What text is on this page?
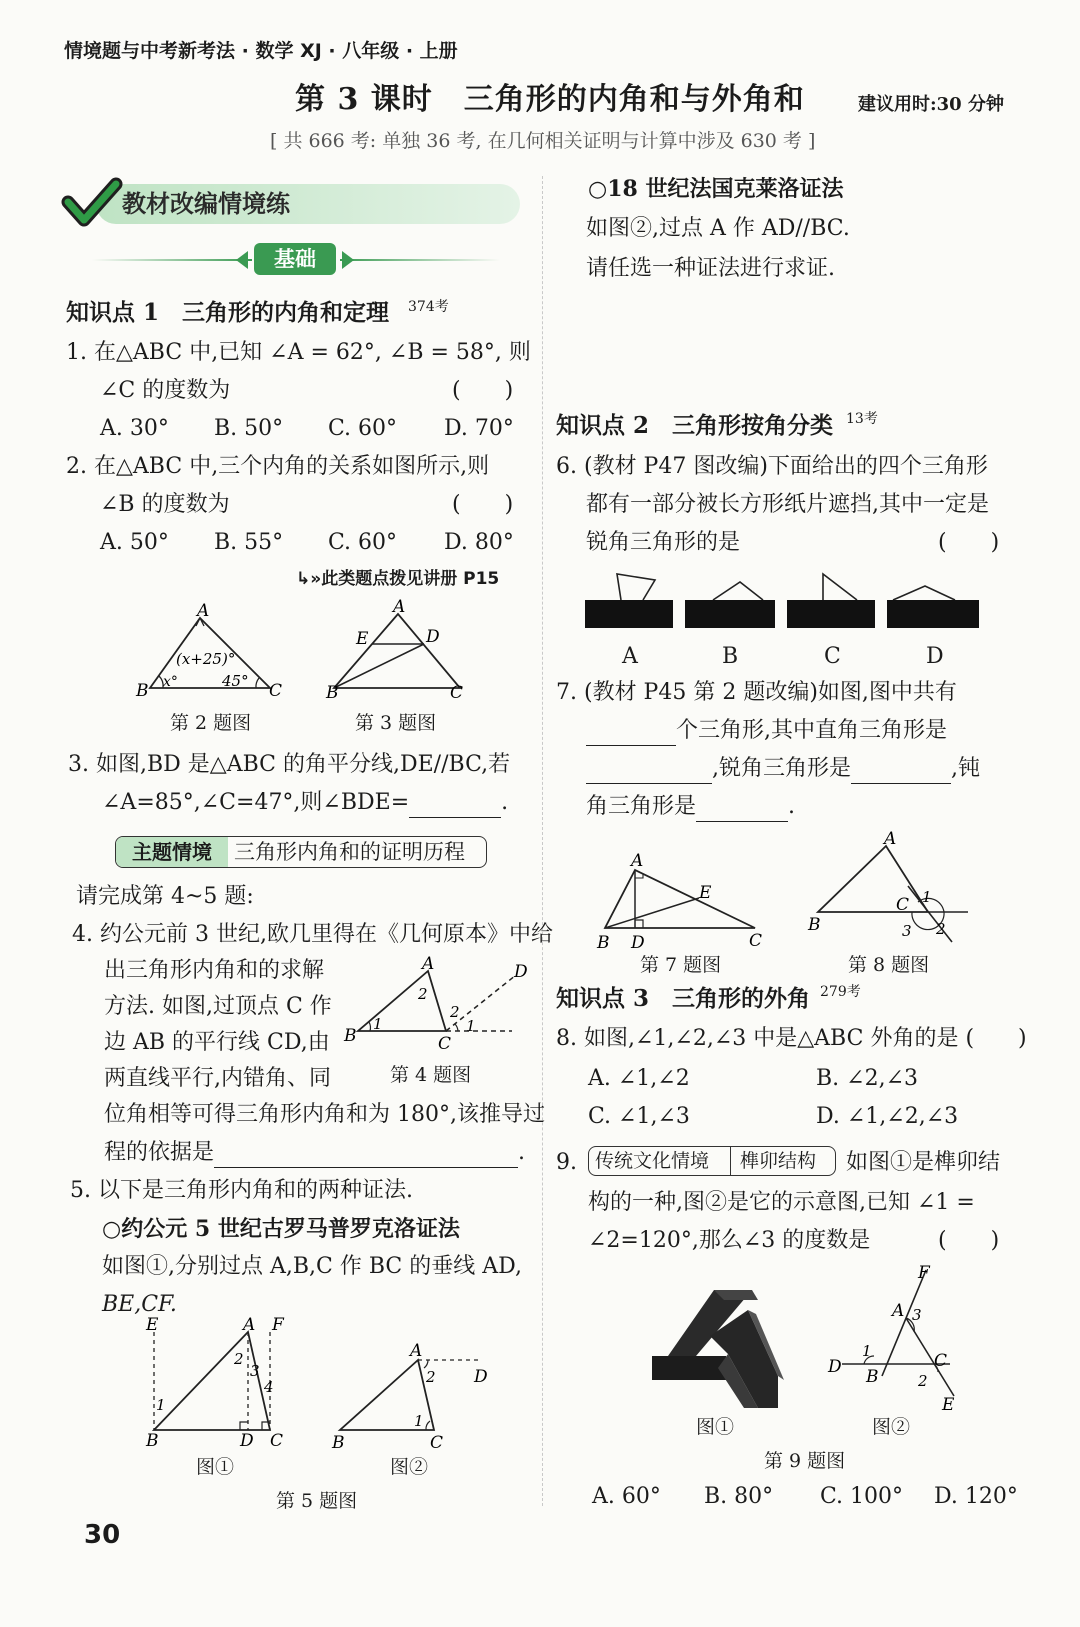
情境题与中考新考法 · 数学 XJ · 八年级 · 上册
第 3 课时　三角形的内角和与外角和	建议用时:30 分钟
[ 共 666 考: 单独 36 考, 在几何相关证明与计算中涉及 630 考 ]
教材改编情境练
基础
知识点 1　三角形的内角和定理 374考
1. 在△ABC 中,已知 ∠A = 62°, ∠B = 58°, 则
∠C 的度数为	(　　)
A. 30° B. 50° C. 60° D. 70°
2. 在△ABC 中,三个内角的关系如图所示,则
∠B 的度数为	(　　)
A. 50° B. 55° C. 60° D. 80°
↳»此类题点拨见讲册 P15
A
B	C
(x+25)°
x°	45°
第 2 题图
A
E	D
B	C
第 3 题图
3. 如图,BD 是△ABC 的角平分线,DE//BC,若
∠A=85°,∠C=47°,则∠BDE=	.
主题情境	三角形内角和的证明历程
请完成第 4~5 题:
4. 约公元前 3 世纪,欧几里得在《几何原本》中给
出三角形内角和的求解
方法. 如图,过顶点 C 作
边 AB 的平行线 CD,由
两直线平行,内错角、同
位角相等可得三角形内角和为 180°,该推导过
程的依据是	.
A	D
B	C
1
2
2
1
第 4 题图
5. 以下是三角形内角和的两种证法.
○约公元 5 世纪古罗马普罗克洛证法
如图①,分别过点 A,B,C 作 BC 的垂线 AD,
BE,CF.
E	A F
B	D C
1
2
3
4
图①
A
D
B	C
2
1
图②
第 5 题图
30
○18 世纪法国克莱洛证法
如图②,过点 A 作 AD//BC.
请任选一种证法进行求证.
知识点 2　三角形按角分类 13考
6. (教材 P47 图改编)下面给出的四个三角形
都有一部分被长方形纸片遮挡,其中一定是
锐角三角形的是	(　　)
A	B	C	D
7. (教材 P45 第 2 题改编)如图,图中共有
个三角形,其中直角三角形是
,锐角三角形是	,钝
角三角形是	.
A
E
B D	C
第 7 题图
A
B
C 1
2
3
第 8 题图
知识点 3　三角形的外角 279考
8. 如图,∠1,∠2,∠3 中是△ABC 外角的是 (　　)
A. ∠1,∠2	B. ∠2,∠3
C. ∠1,∠3	D. ∠1,∠2,∠3
9. 传统文化情境 榫卯结构 如图①是榫卯结
构的一种,图②是它的示意图,已知 ∠1 =
∠2=120°,那么∠3 的度数是	(　　)
图①
F
A 3
D
1
B
C
2
E
图②
第 9 题图
A. 60° B. 80° C. 100° D. 120°
